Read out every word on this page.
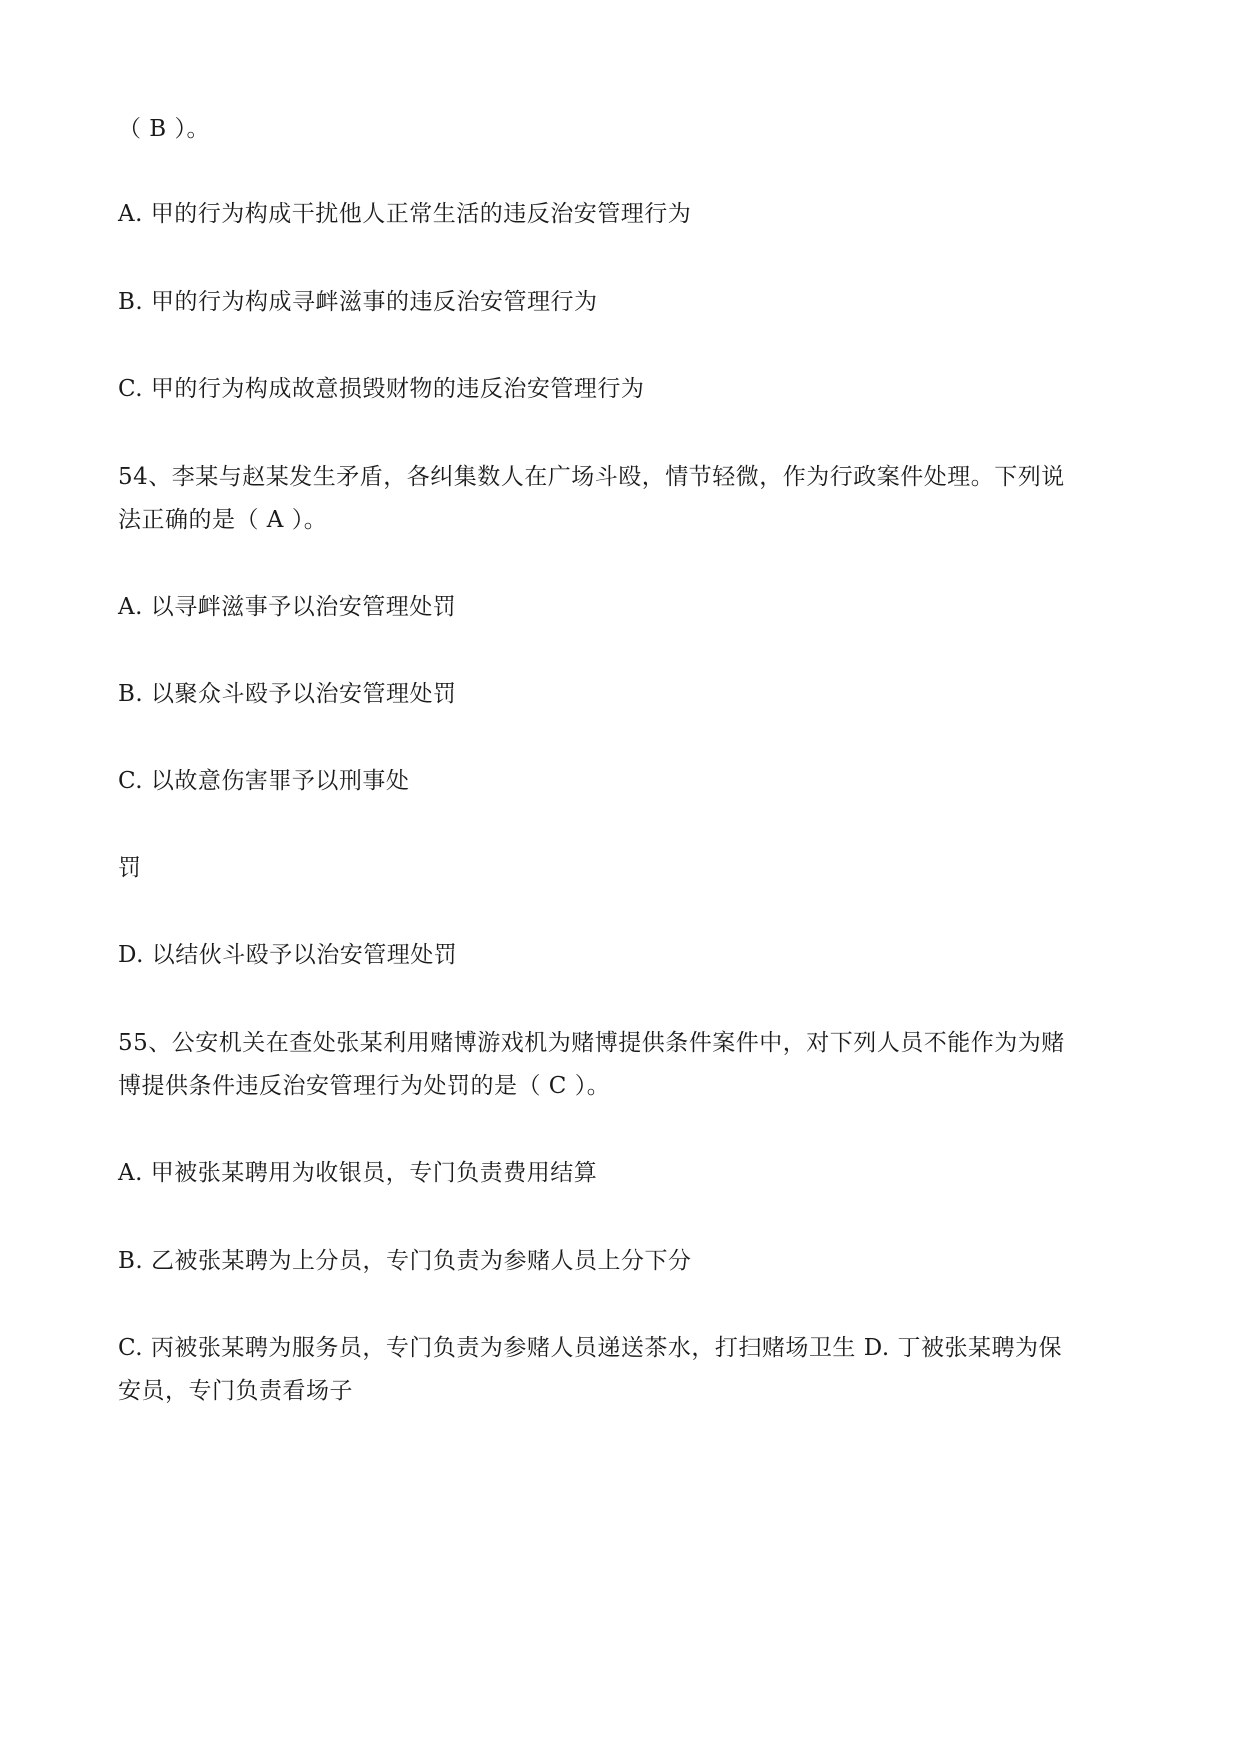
（ B ）。
A. 甲的行为构成干扰他人正常生活的违反治安管理行为
B. 甲的行为构成寻衅滋事的违反治安管理行为
C. 甲的行为构成故意损毁财物的违反治安管理行为
54、李某与赵某发生矛盾，各纠集数人在广场斗殴，情节轻微，作为行政案件处理。下列说
法正确的是（ A ）。
A. 以寻衅滋事予以治安管理处罚
B. 以聚众斗殴予以治安管理处罚
C. 以故意伤害罪予以刑事处
罚
D. 以结伙斗殴予以治安管理处罚
55、公安机关在查处张某利用赌博游戏机为赌博提供条件案件中，对下列人员不能作为为赌
博提供条件违反治安管理行为处罚的是（ C ）。
A. 甲被张某聘用为收银员，专门负责费用结算
B. 乙被张某聘为上分员，专门负责为参赌人员上分下分
C. 丙被张某聘为服务员，专门负责为参赌人员递送茶水，打扫赌场卫生 D. 丁被张某聘为保
安员，专门负责看场子
